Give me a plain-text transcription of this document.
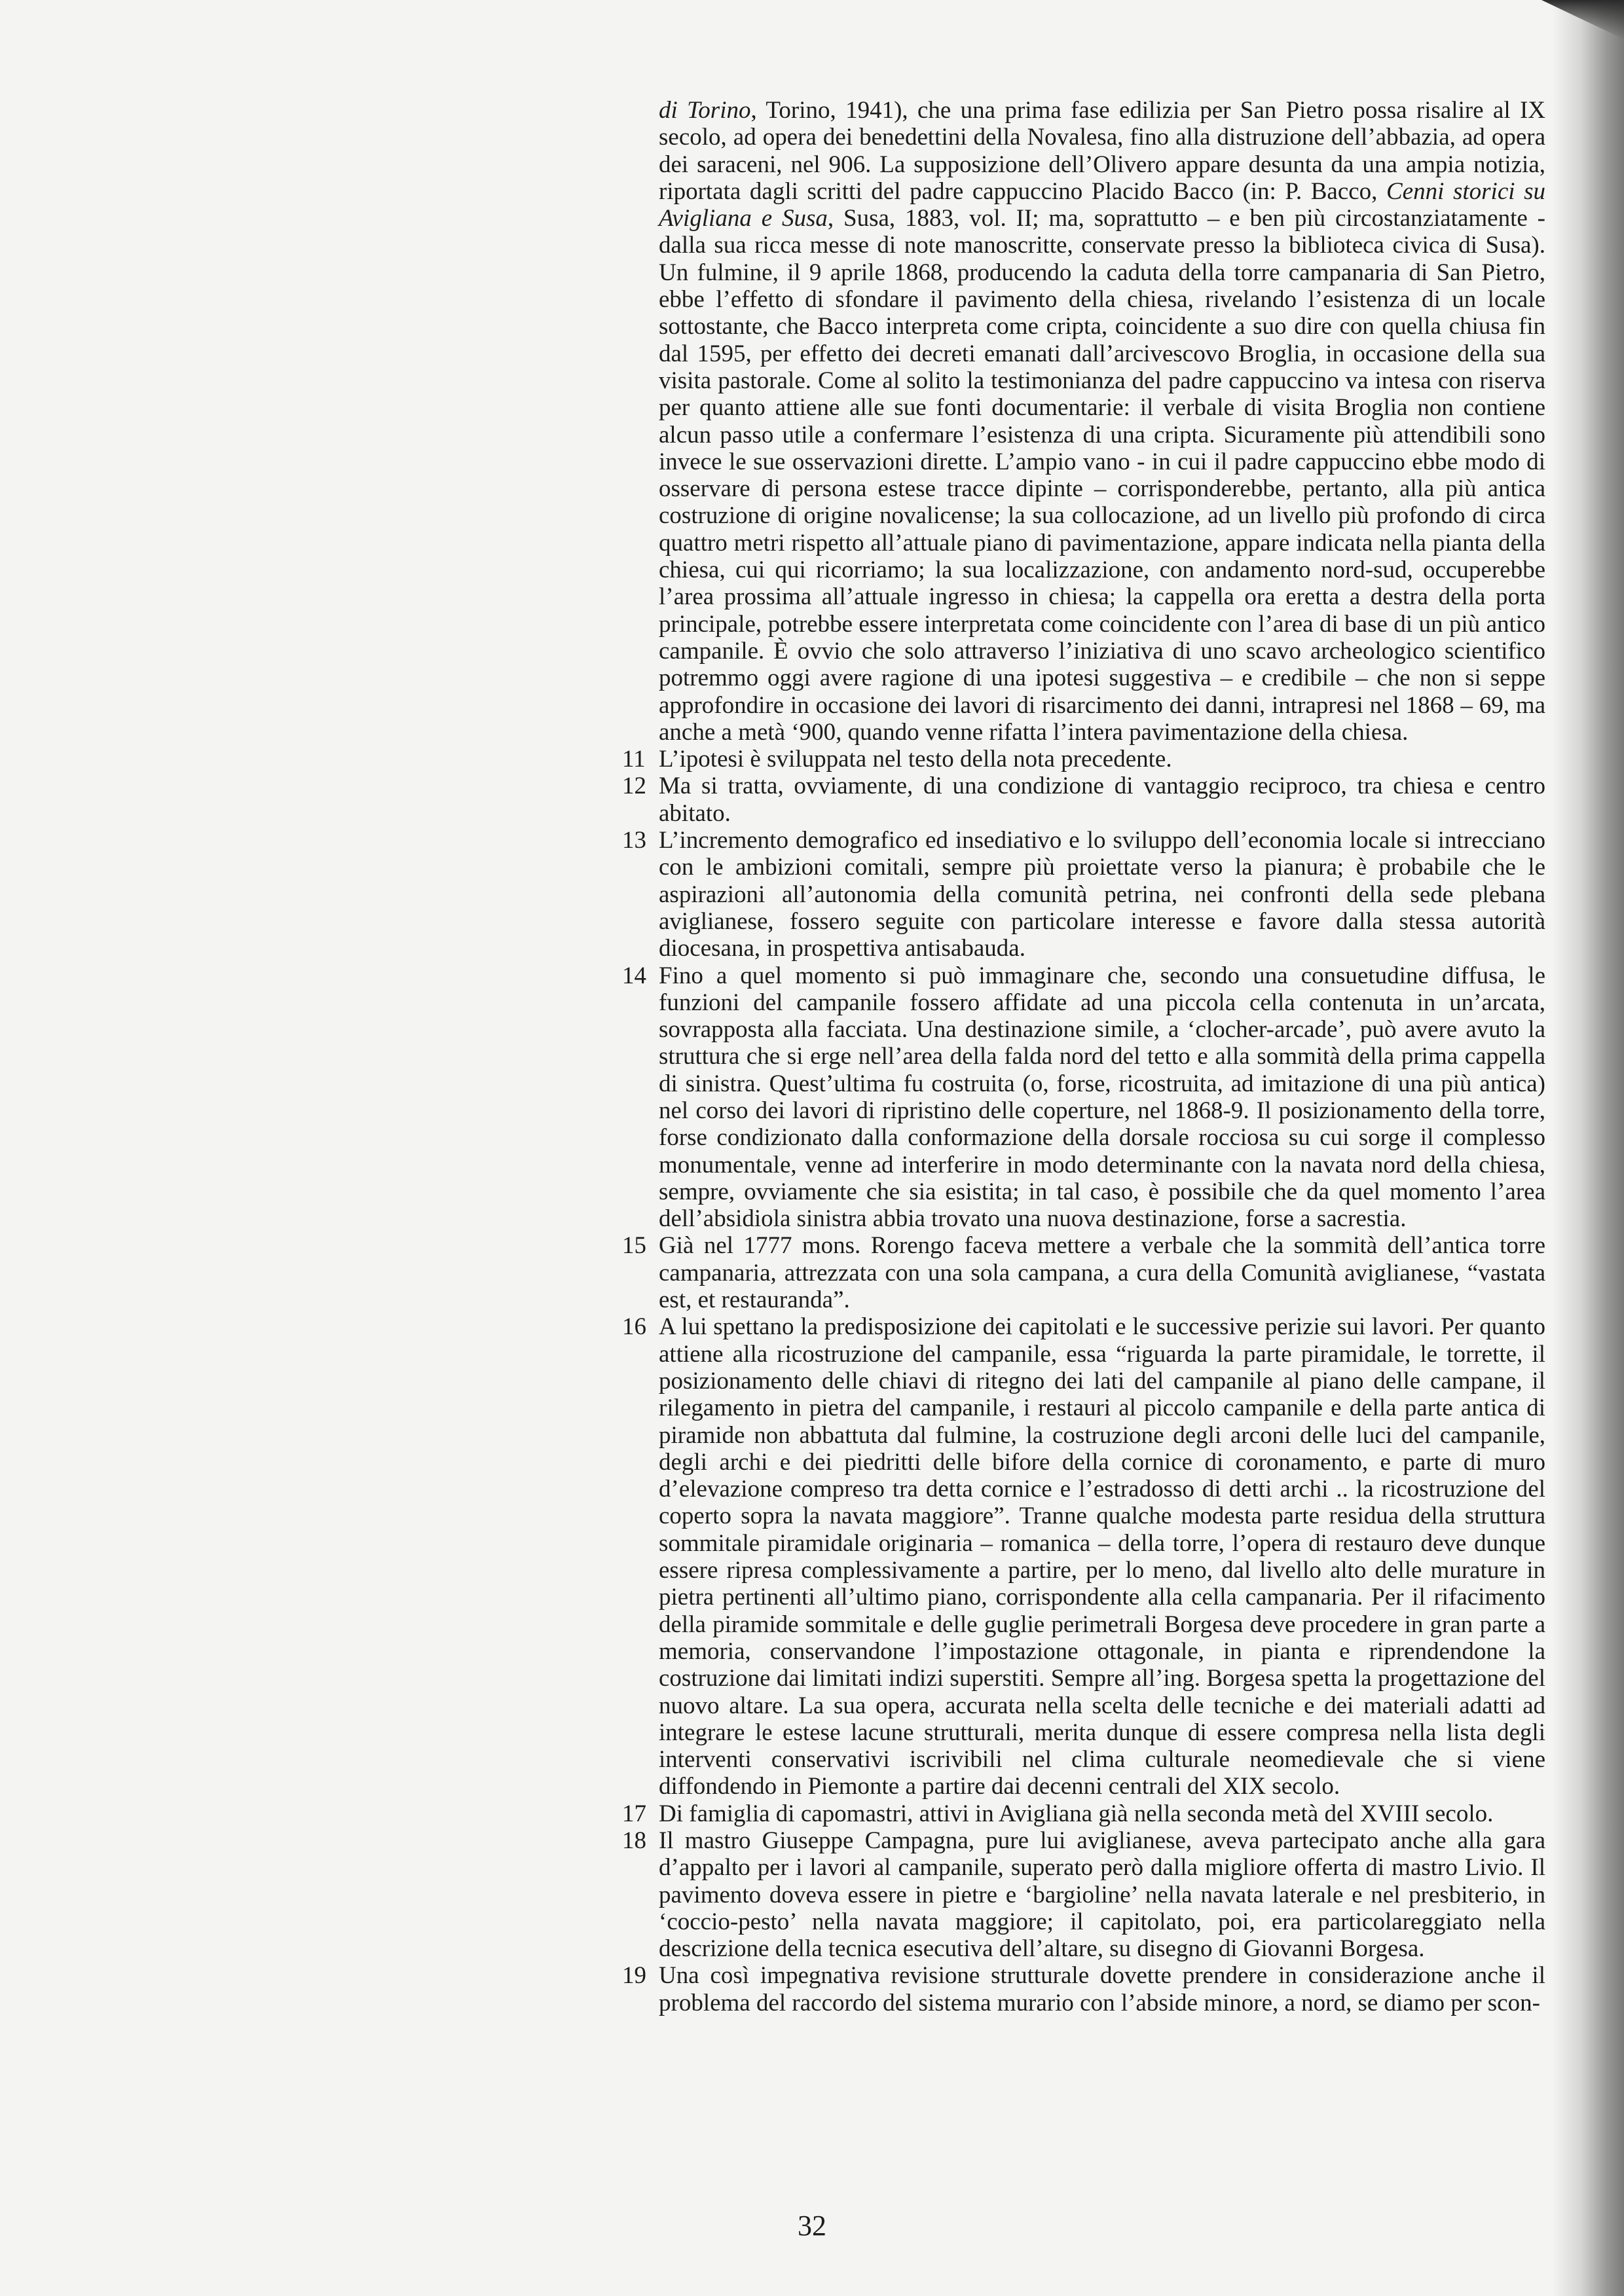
di Torino, Torino, 1941), che una prima fase edilizia per San Pietro possa risalire al IX secolo, ad opera dei benedettini della Novalesa, fino alla distruzione dell’abbazia, ad opera dei saraceni, nel 906. La supposizione dell’Olivero appare desunta da una ampia notizia, riportata dagli scritti del padre cappuccino Placido Bacco (in: P. Bacco, Cenni storici su Avigliana e Susa, Susa, 1883, vol. II; ma, soprattutto – e ben più circostanziatamente - dalla sua ricca messe di note manoscritte, conservate presso la biblioteca civica di Susa). Un fulmine, il 9 aprile 1868, producendo la caduta della torre campanaria di San Pietro, ebbe l’effetto di sfondare il pavimento della chiesa, rivelando l’esistenza di un locale sottostante, che Bacco interpreta come cripta, coincidente a suo dire con quella chiusa fin dal 1595, per effetto dei decreti emanati dall’arcivescovo Broglia, in occasione della sua visita pastorale. Come al solito la testimonianza del padre cappuccino va intesa con riserva per quanto attiene alle sue fonti documentarie: il verbale di visita Broglia non contiene alcun passo utile a confermare l’esistenza di una cripta. Sicuramente più attendibili sono invece le sue osservazioni dirette. L’ampio vano - in cui il padre cappuccino ebbe modo di osservare di persona estese tracce dipinte – corrisponderebbe, pertanto, alla più antica costruzione di origine novalicense; la sua collocazione, ad un livello più profondo di circa quattro metri rispetto all’attuale piano di pavimentazione, appare indicata nella pianta della chiesa, cui qui ricorriamo; la sua localizzazione, con andamento nord-sud, occuperebbe l’area prossima all’attuale ingresso in chiesa; la cappella ora eretta a destra della porta principale, potrebbe essere interpretata come coincidente con l’area di base di un più antico campanile. È ovvio che solo attraverso l’iniziativa di uno scavo archeologico scientifico potremmo oggi avere ragione di una ipotesi suggestiva – e credibile – che non si seppe approfondire in occasione dei lavori di risarcimento dei danni, intrapresi nel 1868 – 69, ma anche a metà ‘900, quando venne rifatta l’intera pavimentazione della chiesa.

11 L’ipotesi è sviluppata nel testo della nota precedente.

12 Ma si tratta, ovviamente, di una condizione di vantaggio reciproco, tra chiesa e centro abitato.

13 L’incremento demografico ed insediativo e lo sviluppo dell’economia locale si intrecciano con le ambizioni comitali, sempre più proiettate verso la pianura; è probabile che le aspirazioni all’autonomia della comunità petrina, nei confronti della sede plebana aviglianese, fossero seguite con particolare interesse e favore dalla stessa autorità diocesana, in prospettiva antisabauda.

14 Fino a quel momento si può immaginare che, secondo una consuetudine diffusa, le funzioni del campanile fossero affidate ad una piccola cella contenuta in un’arcata, sovrapposta alla facciata. Una destinazione simile, a ‘clocher-arcade’, può avere avuto la struttura che si erge nell’area della falda nord del tetto e alla sommità della prima cappella di sinistra. Quest’ultima fu costruita (o, forse, ricostruita, ad imitazione di una più antica) nel corso dei lavori di ripristino delle coperture, nel 1868-9. Il posizionamento della torre, forse condizionato dalla conformazione della dorsale rocciosa su cui sorge il complesso monumentale, venne ad interferire in modo determinante con la navata nord della chiesa, sempre, ovviamente che sia esistita; in tal caso, è possibile che da quel momento l’area dell’absidiola sinistra abbia trovato una nuova destinazione, forse a sacrestia.

15 Già nel 1777 mons. Rorengo faceva mettere a verbale che la sommità dell’antica torre campanaria, attrezzata con una sola campana, a cura della Comunità aviglianese, “vastata est, et restauranda”.

16 A lui spettano la predisposizione dei capitolati e le successive perizie sui lavori. Per quanto attiene alla ricostruzione del campanile, essa “riguarda la parte piramidale, le torrette, il posizionamento delle chiavi di ritegno dei lati del campanile al piano delle campane, il rilegamento in pietra del campanile, i restauri al piccolo campanile e della parte antica di piramide non abbattuta dal fulmine, la costruzione degli arconi delle luci del campanile, degli archi e dei piedritti delle bifore della cornice di coronamento, e parte di muro d’elevazione compreso tra detta cornice e l’estradosso di detti archi .. la ricostruzione del coperto sopra la navata maggiore”. Tranne qualche modesta parte residua della struttura sommitale piramidale originaria – romanica – della torre, l’opera di restauro deve dunque essere ripresa complessivamente a partire, per lo meno, dal livello alto delle murature in pietra pertinenti all’ultimo piano, corrispondente alla cella campanaria. Per il rifacimento della piramide sommitale e delle guglie perimetrali Borgesa deve procedere in gran parte a memoria, conservandone l’impostazione ottagonale, in pianta e riprendendone la costruzione dai limitati indizi superstiti. Sempre all’ing. Borgesa spetta la progettazione del nuovo altare. La sua opera, accurata nella scelta delle tecniche e dei materiali adatti ad integrare le estese lacune strutturali, merita dunque di essere compresa nella lista degli interventi conservativi iscrivibili nel clima culturale neomedievale che si viene diffondendo in Piemonte a partire dai decenni centrali del XIX secolo.

17 Di famiglia di capomastri, attivi in Avigliana già nella seconda metà del XVIII secolo.

18 Il mastro Giuseppe Campagna, pure lui aviglianese, aveva partecipato anche alla gara d’appalto per i lavori al campanile, superato però dalla migliore offerta di mastro Livio. Il pavimento doveva essere in pietre e ‘bargioline’ nella navata laterale e nel presbiterio, in ‘coccio-pesto’ nella navata maggiore; il capitolato, poi, era particolareggiato nella descrizione della tecnica esecutiva dell’altare, su disegno di Giovanni Borgesa.

19 Una così impegnativa revisione strutturale dovette prendere in considerazione anche il problema del raccordo del sistema murario con l’abside minore, a nord, se diamo per scon-

32
